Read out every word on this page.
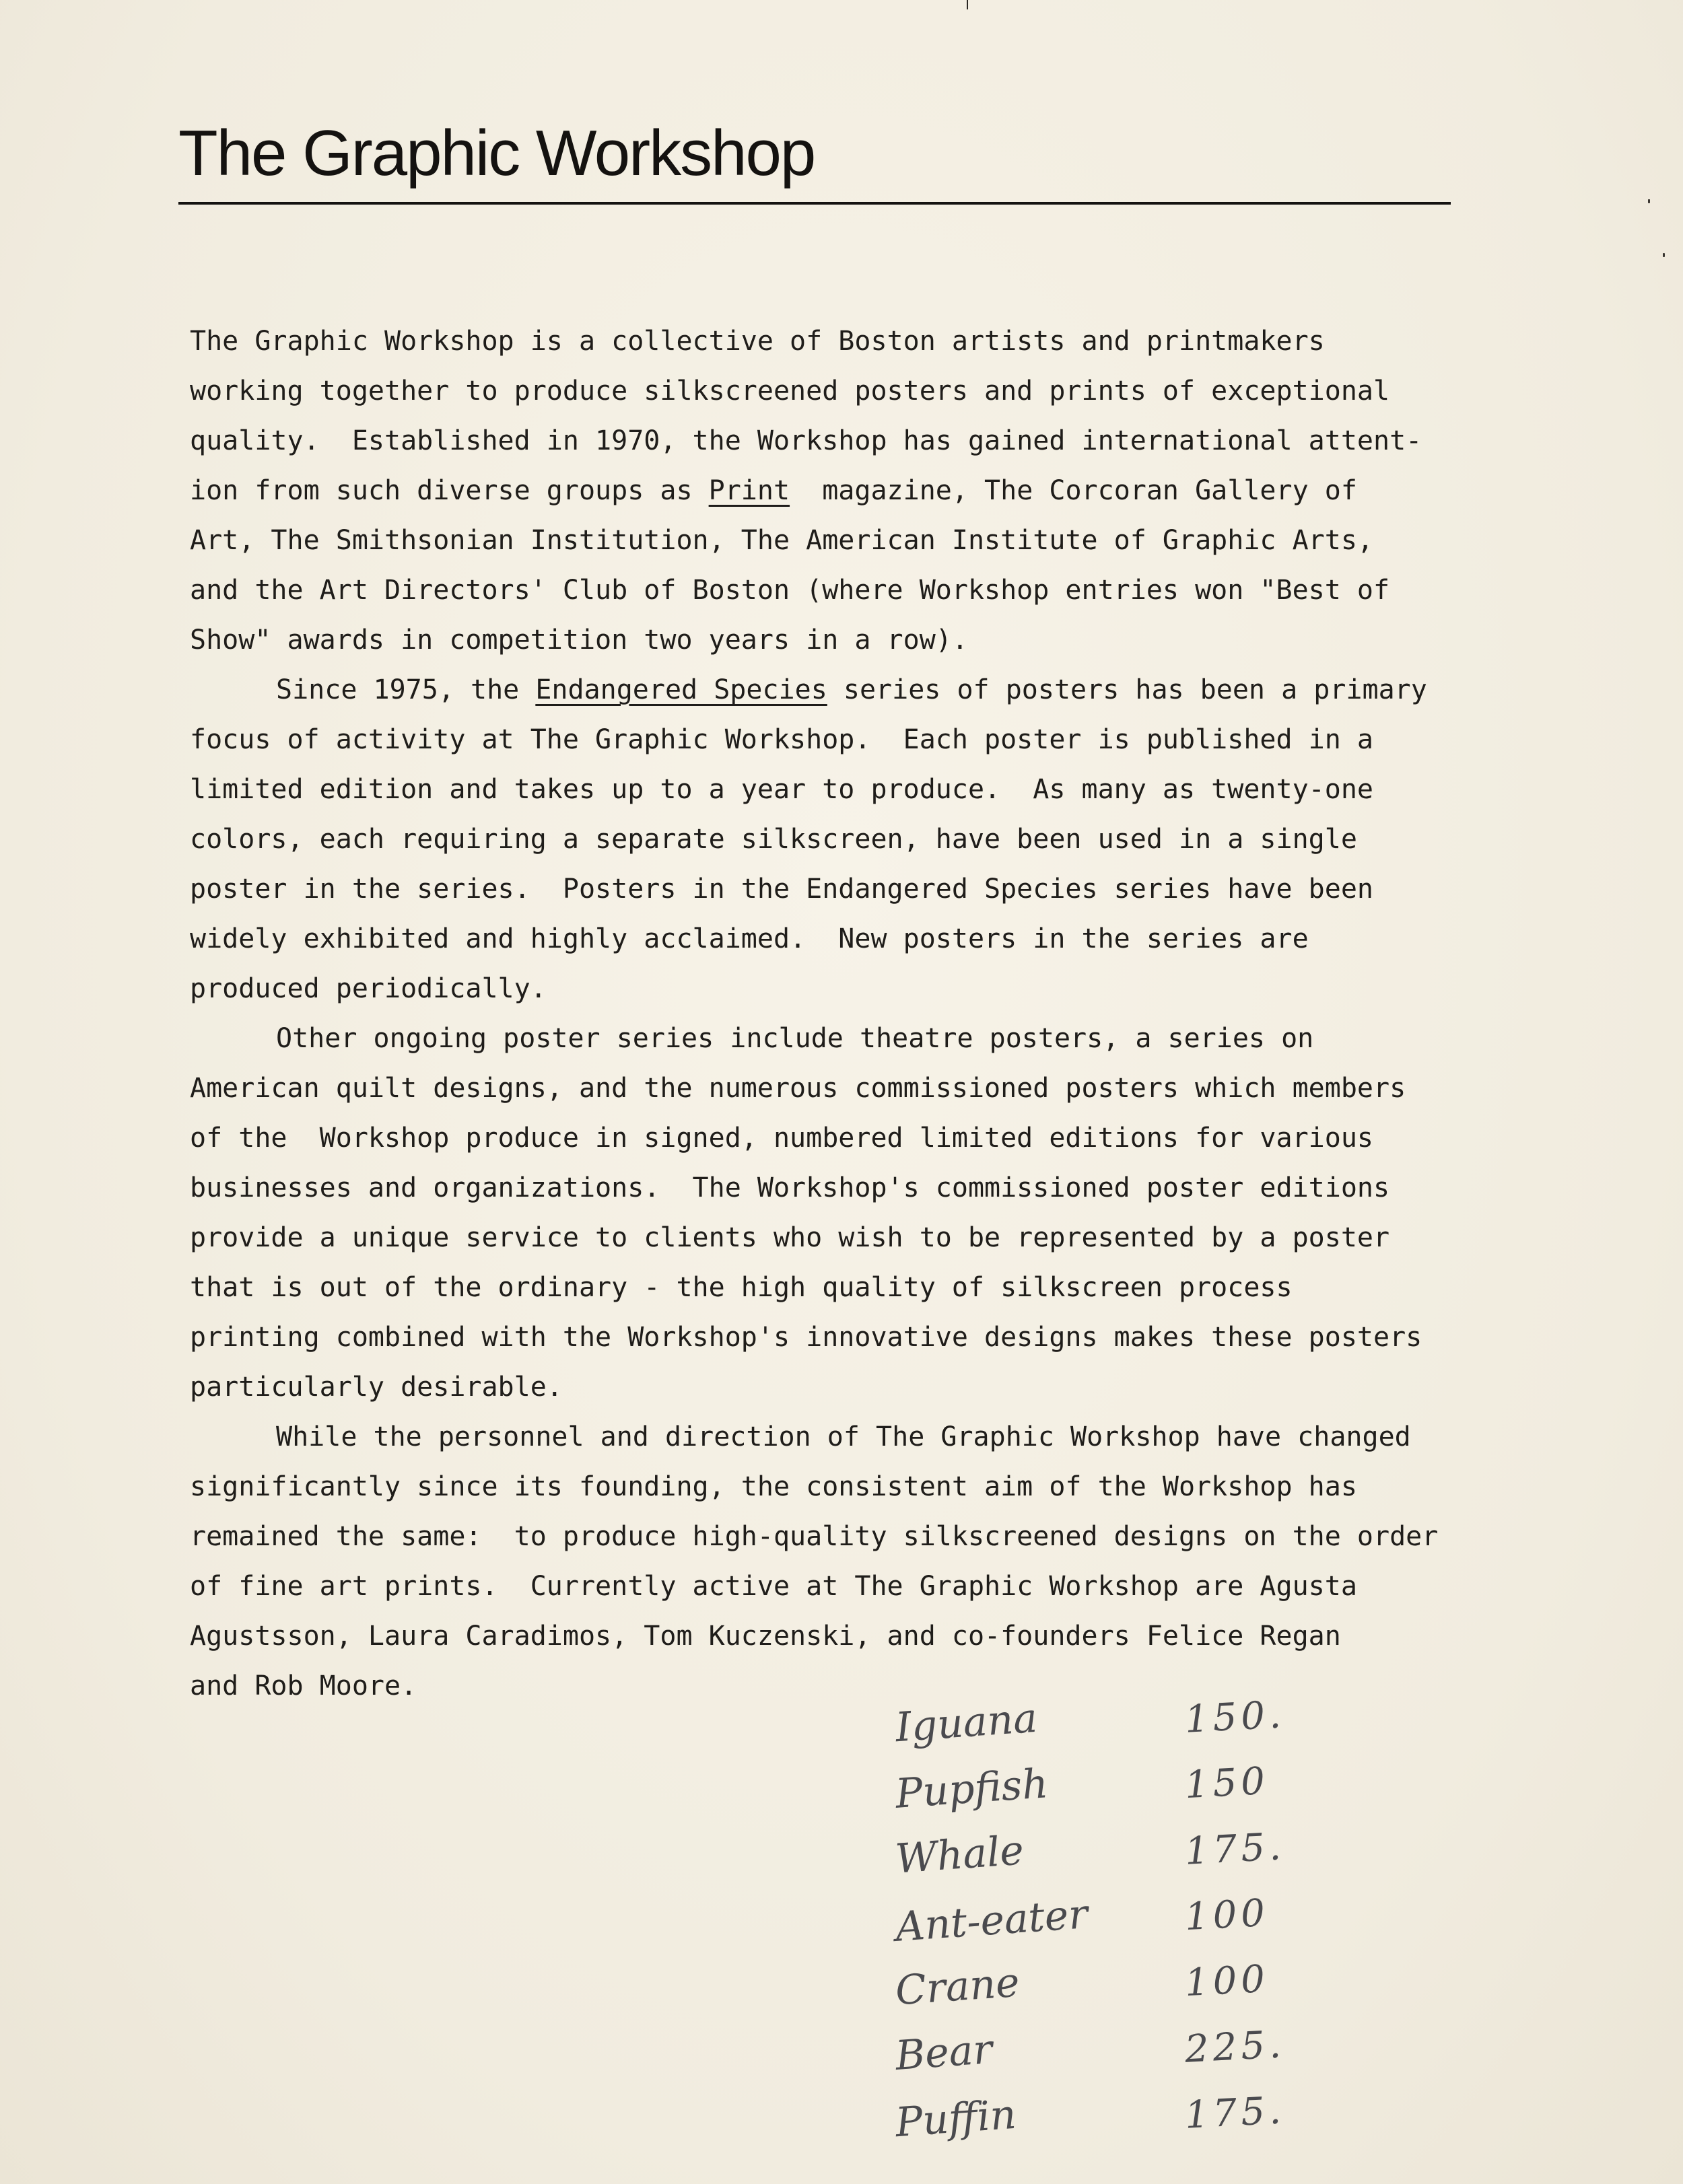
The Graphic Workshop
The Graphic Workshop is a collective of Boston artists and printmakers
working together to produce silkscreened posters and prints of exceptional
quality.  Established in 1970, the Workshop has gained international attent-
ion from such diverse groups as Print  magazine, The Corcoran Gallery of
Art, The Smithsonian Institution, The American Institute of Graphic Arts,
and the Art Directors' Club of Boston (where Workshop entries won "Best of
Show" awards in competition two years in a row).
Since 1975, the Endangered Species series of posters has been a primary
focus of activity at The Graphic Workshop.  Each poster is published in a
limited edition and takes up to a year to produce.  As many as twenty-one
colors, each requiring a separate silkscreen, have been used in a single
poster in the series.  Posters in the Endangered Species series have been
widely exhibited and highly acclaimed.  New posters in the series are
produced periodically.
Other ongoing poster series include theatre posters, a series on
American quilt designs, and the numerous commissioned posters which members
of the  Workshop produce in signed, numbered limited editions for various
businesses and organizations.  The Workshop's commissioned poster editions
provide a unique service to clients who wish to be represented by a poster
that is out of the ordinary - the high quality of silkscreen process
printing combined with the Workshop's innovative designs makes these posters
particularly desirable.
While the personnel and direction of The Graphic Workshop have changed
significantly since its founding, the consistent aim of the Workshop has
remained the same:  to produce high-quality silkscreened designs on the order
of fine art prints.  Currently active at The Graphic Workshop are Agusta
Agustsson, Laura Caradimos, Tom Kuczenski, and co-founders Felice Regan
and Rob Moore.
Iguana	150.
Pupfish	150
Whale	175.
Ant-eater	100
Crane	100
Bear	225.
Puffin	175.
